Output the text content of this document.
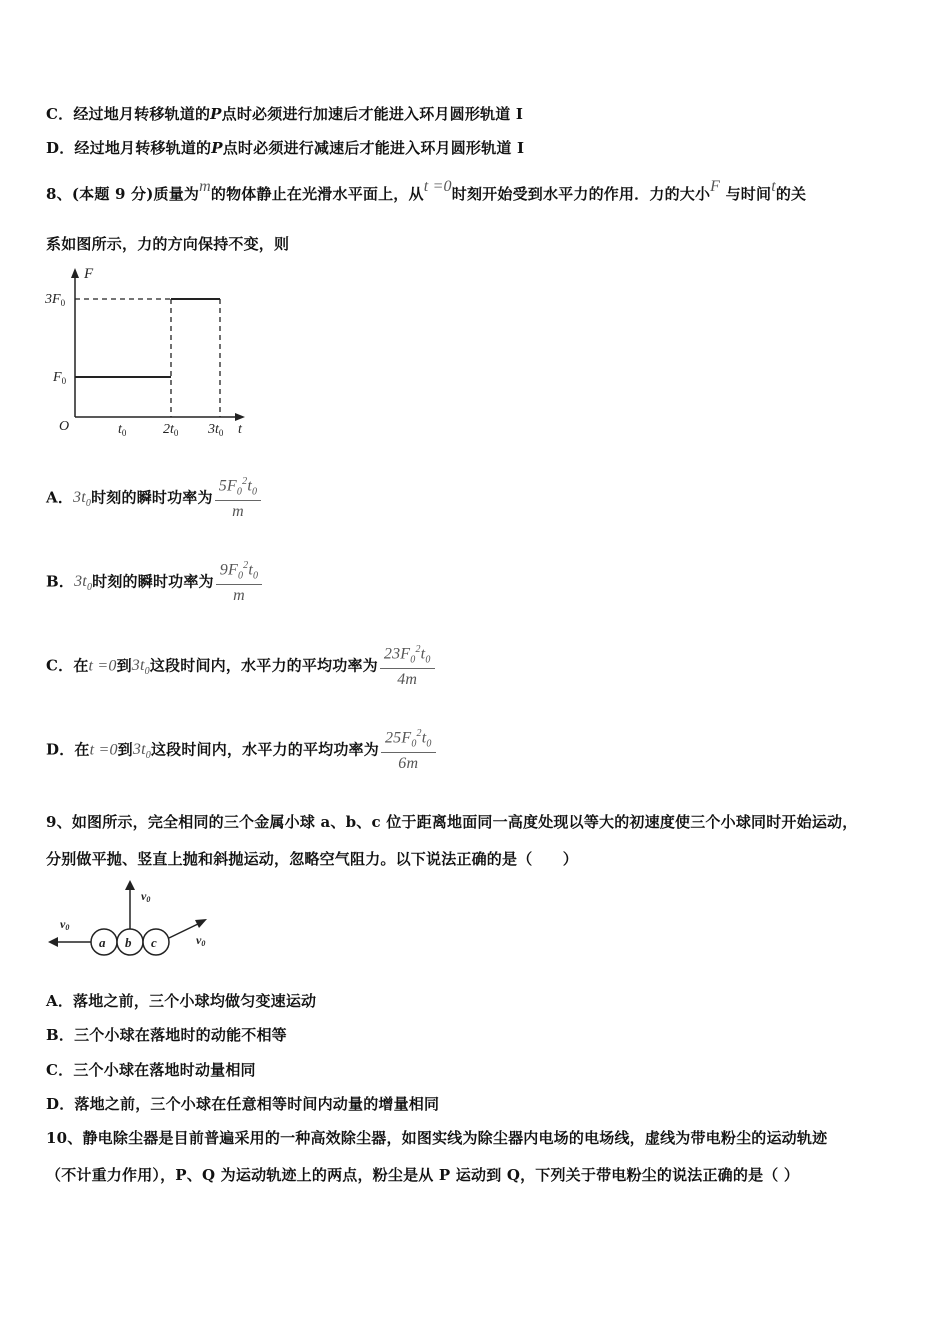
C．经过地月转移轨道的P点时必须进行加速后才能进入环月圆形轨道 I
D．经过地月转移轨道的P点时必须进行减速后才能进入环月圆形轨道 I
8、(本题 9 分)质量为m的物体静止在光滑水平面上，从t =0时刻开始受到水平力的作用．力的大小F 与时间t的关
系如图所示，力的方向保持不变，则
F
$3F_0$
$F_0$
O	$t_0$	$2t_0$ $3t_0$ t
A．$3t_0$时刻的瞬时功率为 $\frac{5F_0^2t_0}{m}$
B．$3t_0$时刻的瞬时功率为 $\frac{9F_0^2t_0}{m}$
C．在t =0到$3t_0$这段时间内，水平力的平均功率为 $\frac{23F_0^2t_0}{4m}$
D．在t =0到$3t_0$这段时间内，水平力的平均功率为 $\frac{25F_0^2t_0}{6m}$
9、如图所示，完全相同的三个金属小球 a、b、c 位于距离地面同一高度处现以等大的初速度使三个小球同时开始运动，
分别做平抛、竖直上抛和斜抛运动，忽略空气阻力。以下说法正确的是（　　）
a b c
v0
v0
v0
A．落地之前，三个小球均做匀变速运动
B．三个小球在落地时的动能不相等
C．三个小球在落地时动量相同
D．落地之前，三个小球在任意相等时间内动量的增量相同
10、静电除尘器是目前普遍采用的一种高效除尘器，如图实线为除尘器内电场的电场线，虚线为带电粉尘的运动轨迹
（不计重力作用），P、Q 为运动轨迹上的两点，粉尘是从 P 运动到 Q，下列关于带电粉尘的说法正确的是（ ）
